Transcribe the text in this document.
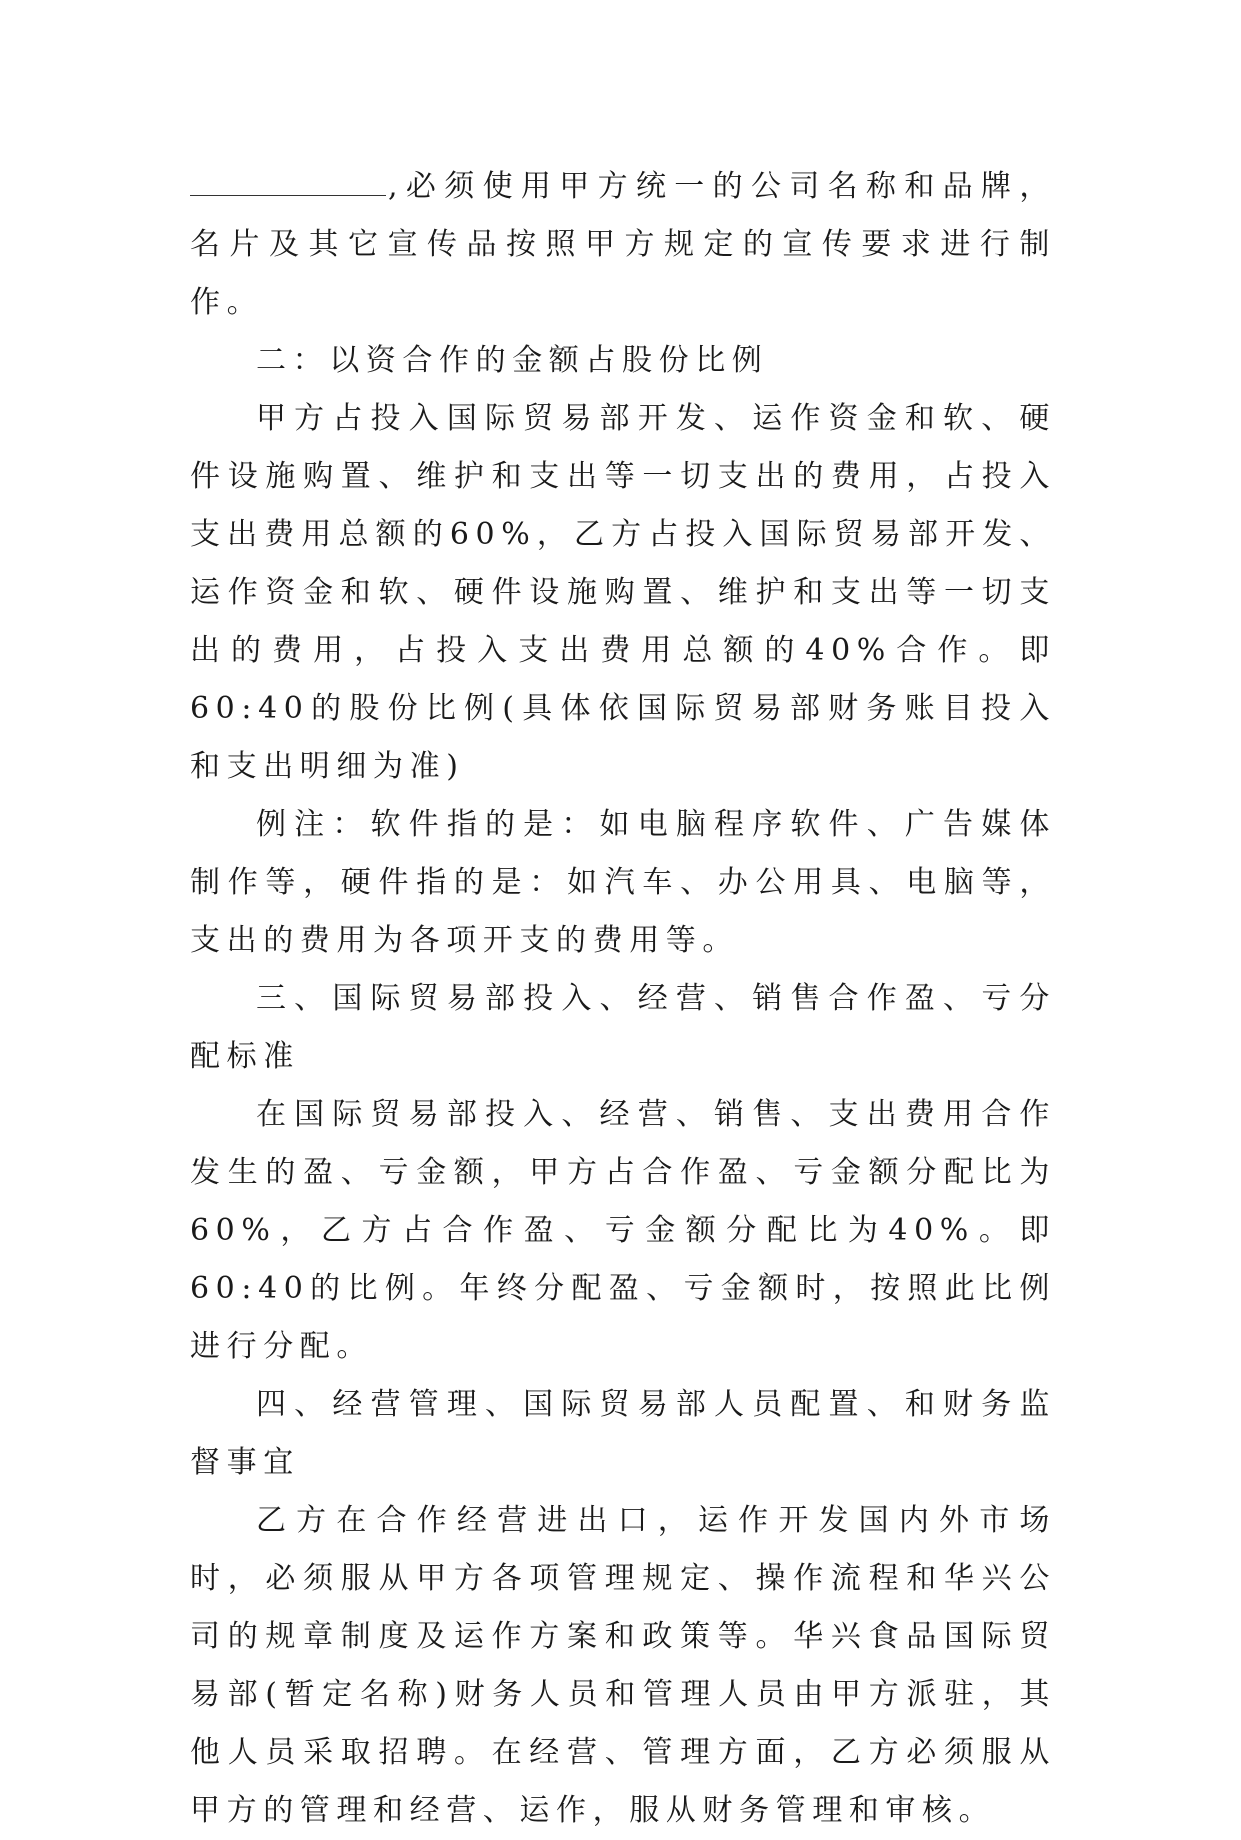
,必须使用甲方统一的公司名称和品牌，名片及其它宣传品按照甲方规定的宣传要求进行制作。

二：以资合作的金额占股份比例

甲方占投入国际贸易部开发、运作资金和软、硬件设施购置、维护和支出等一切支出的费用，占投入支出费用总额的60%，乙方占投入国际贸易部开发、运作资金和软、硬件设施购置、维护和支出等一切支出的费用，占投入支出费用总额的40%合作。即60:40的股份比例(具体依国际贸易部财务账目投入和支出明细为准)

例注：软件指的是：如电脑程序软件、广告媒体制作等，硬件指的是：如汽车、办公用具、电脑等，支出的费用为各项开支的费用等。

三、国际贸易部投入、经营、销售合作盈、亏分配标准

在国际贸易部投入、经营、销售、支出费用合作发生的盈、亏金额，甲方占合作盈、亏金额分配比为60%，乙方占合作盈、亏金额分配比为40%。即60:40的比例。年终分配盈、亏金额时，按照此比例进行分配。

四、经营管理、国际贸易部人员配置、和财务监督事宜

乙方在合作经营进出口，运作开发国内外市场时，必须服从甲方各项管理规定、操作流程和华兴公司的规章制度及运作方案和政策等。华兴食品国际贸易部(暂定名称)财务人员和管理人员由甲方派驻，其他人员采取招聘。在经营、管理方面，乙方必须服从甲方的管理和经营、运作，服从财务管理和审核。
